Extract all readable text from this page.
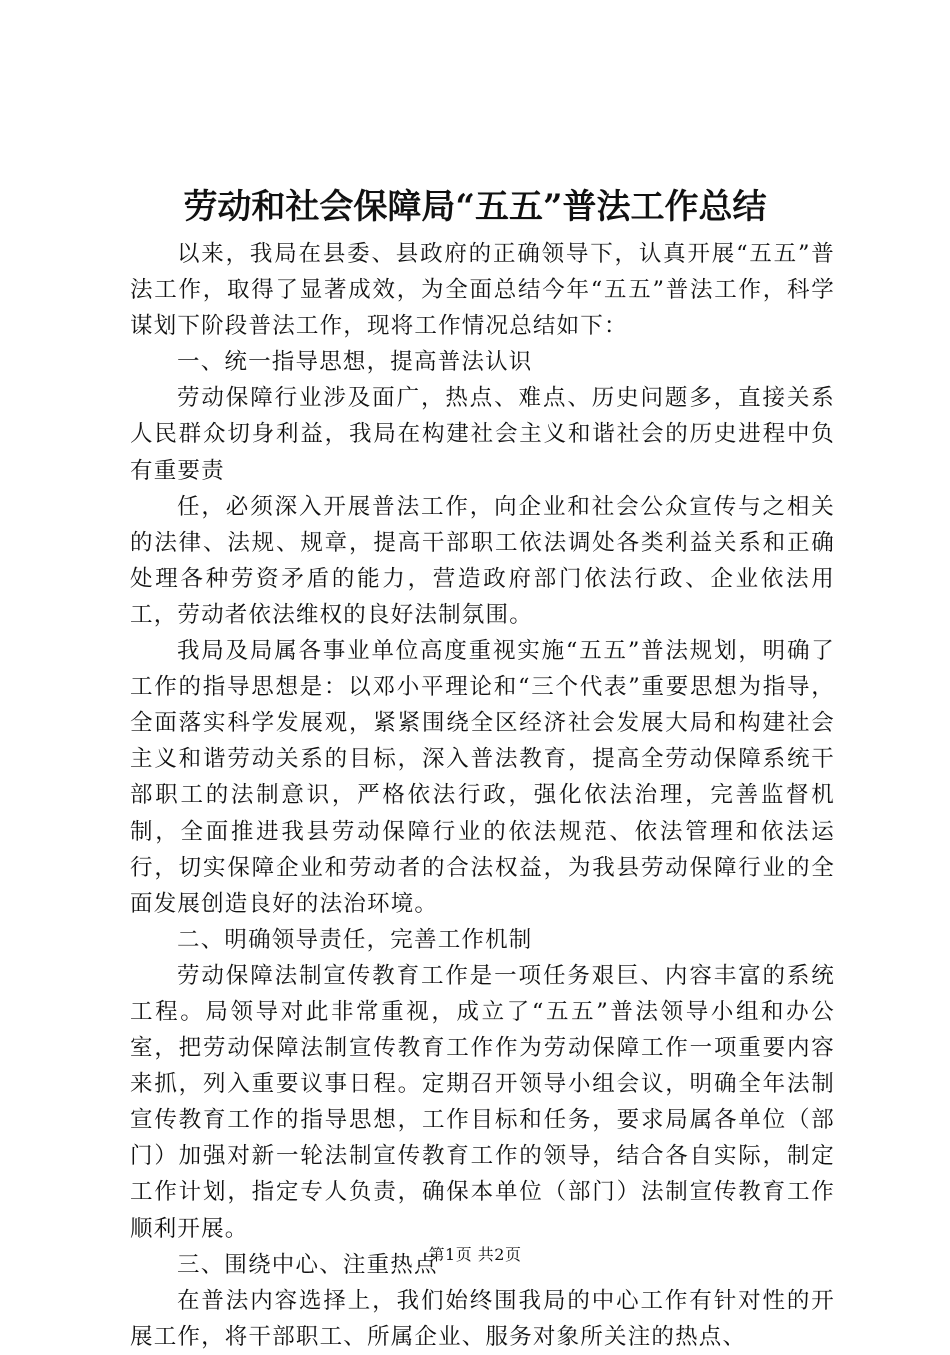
劳动和社会保障局“五五”普法工作总结

以来，我局在县委、县政府的正确领导下，认真开展“五五”普法工作，取得了显著成效，为全面总结今年“五五”普法工作，科学谋划下阶段普法工作，现将工作情况总结如下：

一、统一指导思想，提高普法认识

劳动保障行业涉及面广，热点、难点、历史问题多，直接关系人民群众切身利益，我局在构建社会主义和谐社会的历史进程中负有重要责

任，必须深入开展普法工作，向企业和社会公众宣传与之相关的法律、法规、规章，提高干部职工依法调处各类利益关系和正确处理各种劳资矛盾的能力，营造政府部门依法行政、企业依法用工，劳动者依法维权的良好法制氛围。

我局及局属各事业单位高度重视实施“五五”普法规划，明确了工作的指导思想是：以邓小平理论和“三个代表”重要思想为指导，全面落实科学发展观，紧紧围绕全区经济社会发展大局和构建社会主义和谐劳动关系的目标，深入普法教育，提高全劳动保障系统干部职工的法制意识，严格依法行政，强化依法治理，完善监督机制，全面推进我县劳动保障行业的依法规范、依法管理和依法运行，切实保障企业和劳动者的合法权益，为我县劳动保障行业的全面发展创造良好的法治环境。

二、明确领导责任，完善工作机制

劳动保障法制宣传教育工作是一项任务艰巨、内容丰富的系统工程。局领导对此非常重视，成立了“五五”普法领导小组和办公室，把劳动保障法制宣传教育工作作为劳动保障工作一项重要内容来抓，列入重要议事日程。定期召开领导小组会议，明确全年法制宣传教育工作的指导思想，工作目标和任务，要求局属各单位（部门）加强对新一轮法制宣传教育工作的领导，结合各自实际，制定工作计划，指定专人负责，确保本单位（部门）法制宣传教育工作顺利开展。

三、围绕中心、注重热点

在普法内容选择上，我们始终围我局的中心工作有针对性的开展工作，将干部职工、所属企业、服务对象所关注的热点、

第1页 共2页
